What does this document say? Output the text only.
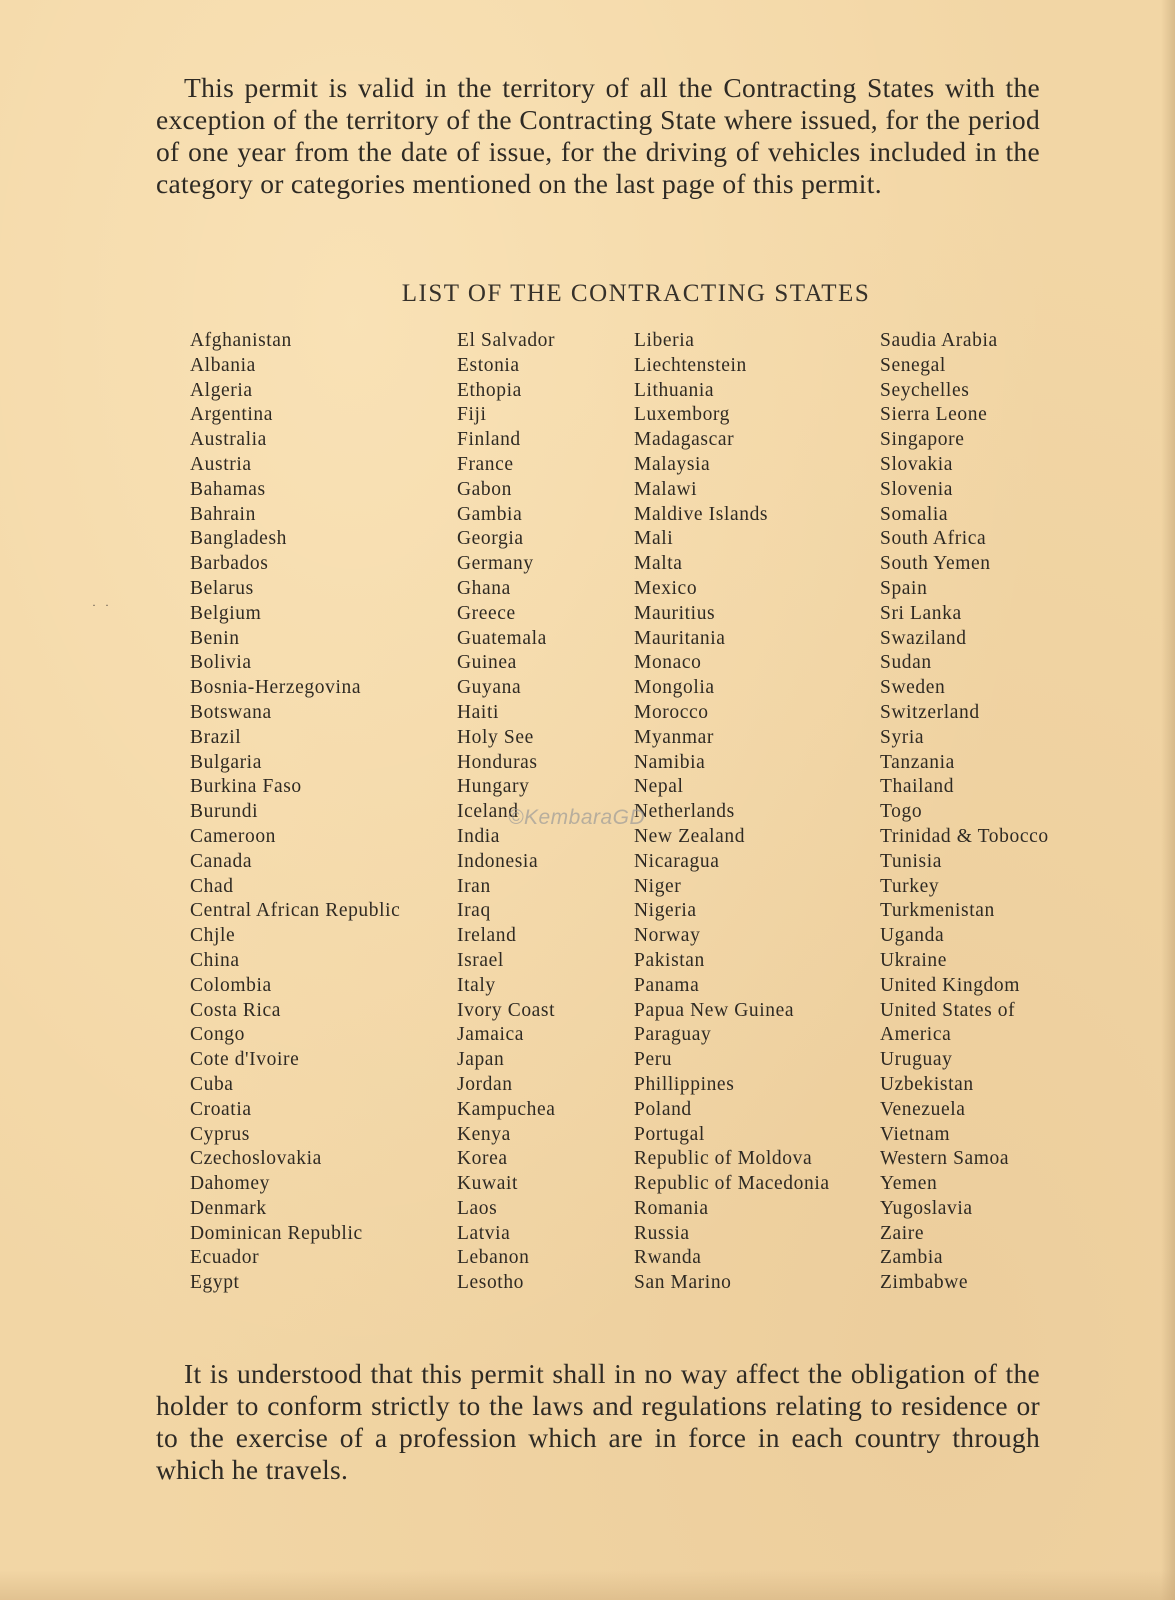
This permit is valid in the territory of all the Contracting States with the exception of the territory of the Contracting State where issued, for the period of one year from the date of issue, for the driving of vehicles included in the category or categories mentioned on the last page of this permit.

LIST OF THE CONTRACTING STATES
Afghanistan
Albania
Algeria
Argentina
Australia
Austria
Bahamas
Bahrain
Bangladesh
Barbados
Belarus
Belgium
Benin
Bolivia
Bosnia-Herzegovina
Botswana
Brazil
Bulgaria
Burkina Faso
Burundi
Cameroon
Canada
Chad
Central African Republic
Chjle
China
Colombia
Costa Rica
Congo
Cote d'Ivoire
Cuba
Croatia
Cyprus
Czechoslovakia
Dahomey
Denmark
Dominican Republic
Ecuador
Egypt
El Salvador
Estonia
Ethopia
Fiji
Finland
France
Gabon
Gambia
Georgia
Germany
Ghana
Greece
Guatemala
Guinea
Guyana
Haiti
Holy See
Honduras
Hungary
Iceland
India
Indonesia
Iran
Iraq
Ireland
Israel
Italy
Ivory Coast
Jamaica
Japan
Jordan
Kampuchea
Kenya
Korea
Kuwait
Laos
Latvia
Lebanon
Lesotho
Liberia
Liechtenstein
Lithuania
Luxemborg
Madagascar
Malaysia
Malawi
Maldive Islands
Mali
Malta
Mexico
Mauritius
Mauritania
Monaco
Mongolia
Morocco
Myanmar
Namibia
Nepal
Netherlands
New Zealand
Nicaragua
Niger
Nigeria
Norway
Pakistan
Panama
Papua New Guinea
Paraguay
Peru
Phillippines
Poland
Portugal
Republic of Moldova
Republic of Macedonia
Romania
Russia
Rwanda
San Marino
Saudia Arabia
Senegal
Seychelles
Sierra Leone
Singapore
Slovakia
Slovenia
Somalia
South Africa
South Yemen
Spain
Sri Lanka
Swaziland
Sudan
Sweden
Switzerland
Syria
Tanzania
Thailand
Togo
Trinidad & Tobocco
Tunisia
Turkey
Turkmenistan
Uganda
Ukraine
United Kingdom
United States of
America
Uruguay
Uzbekistan
Venezuela
Vietnam
Western Samoa
Yemen
Yugoslavia
Zaire
Zambia
Zimbabwe
©KembaraGD
· ·

It is understood that this permit shall in no way affect the obligation of the holder to conform strictly to the laws and regulations relating to residence or to the exercise of a profession which are in force in each country through which he travels.
